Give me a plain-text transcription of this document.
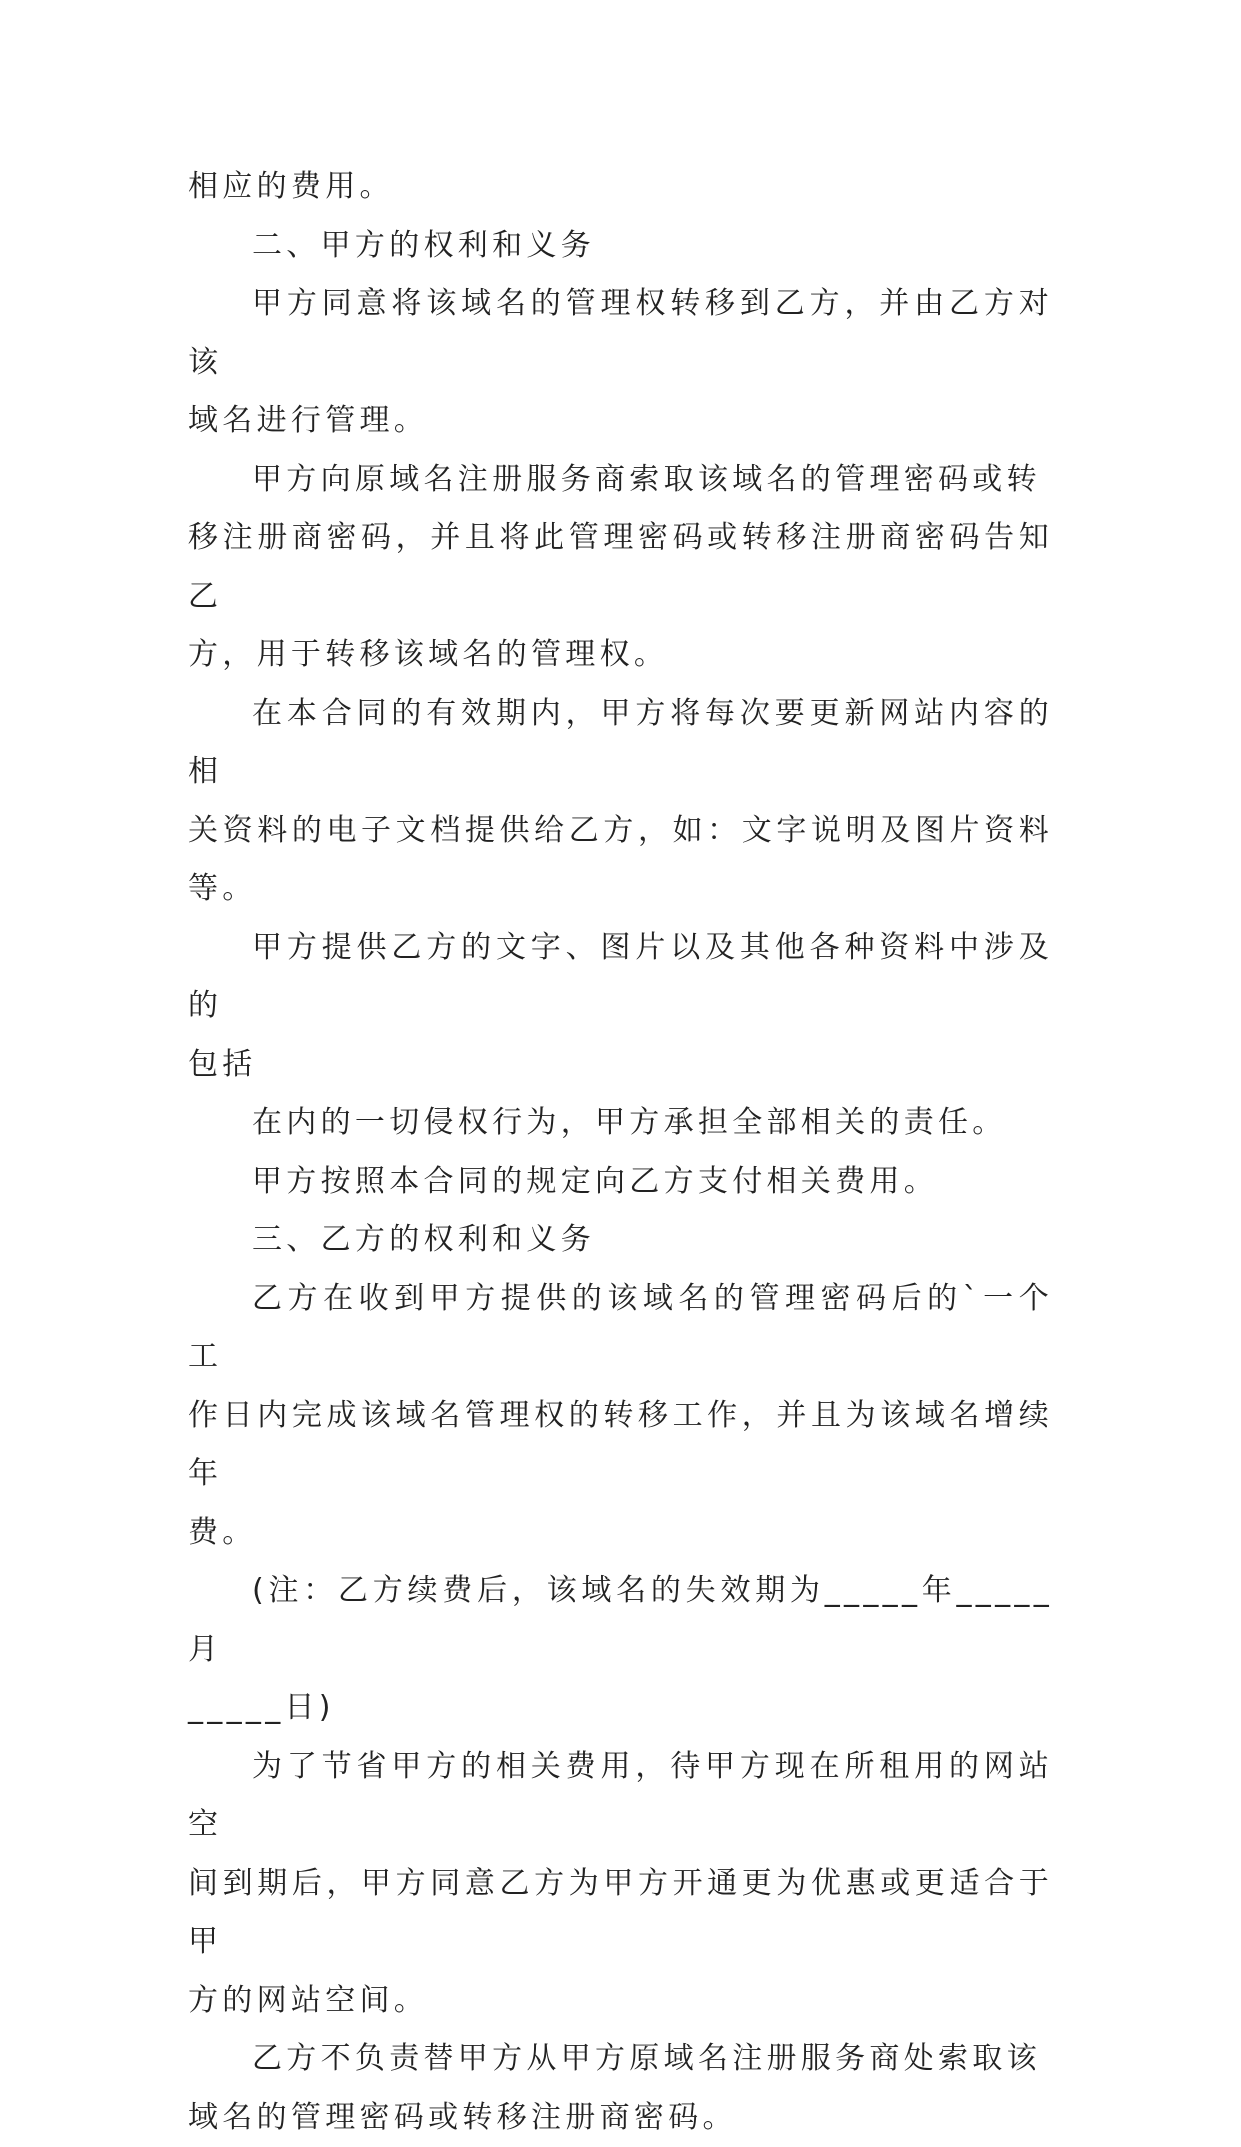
相应的费用。

二、甲方的权利和义务

甲方同意将该域名的管理权转移到乙方，并由乙方对该
域名进行管理。

甲方向原域名注册服务商索取该域名的管理密码或转
移注册商密码，并且将此管理密码或转移注册商密码告知乙
方，用于转移该域名的管理权。

在本合同的有效期内，甲方将每次要更新网站内容的相
关资料的电子文档提供给乙方，如：文字说明及图片资料等。

甲方提供乙方的文字、图片以及其他各种资料中涉及的
包括

在内的一切侵权行为，甲方承担全部相关的责任。

甲方按照本合同的规定向乙方支付相关费用。

三、乙方的权利和义务

乙方在收到甲方提供的该域名的管理密码后的`一个工
作日内完成该域名管理权的转移工作，并且为该域名增续年
费。

(注：乙方续费后，该域名的失效期为_____年_____月
_____日)

为了节省甲方的相关费用，待甲方现在所租用的网站空
间到期后，甲方同意乙方为甲方开通更为优惠或更适合于甲
方的网站空间。

乙方不负责替甲方从甲方原域名注册服务商处索取该
域名的管理密码或转移注册商密码。
